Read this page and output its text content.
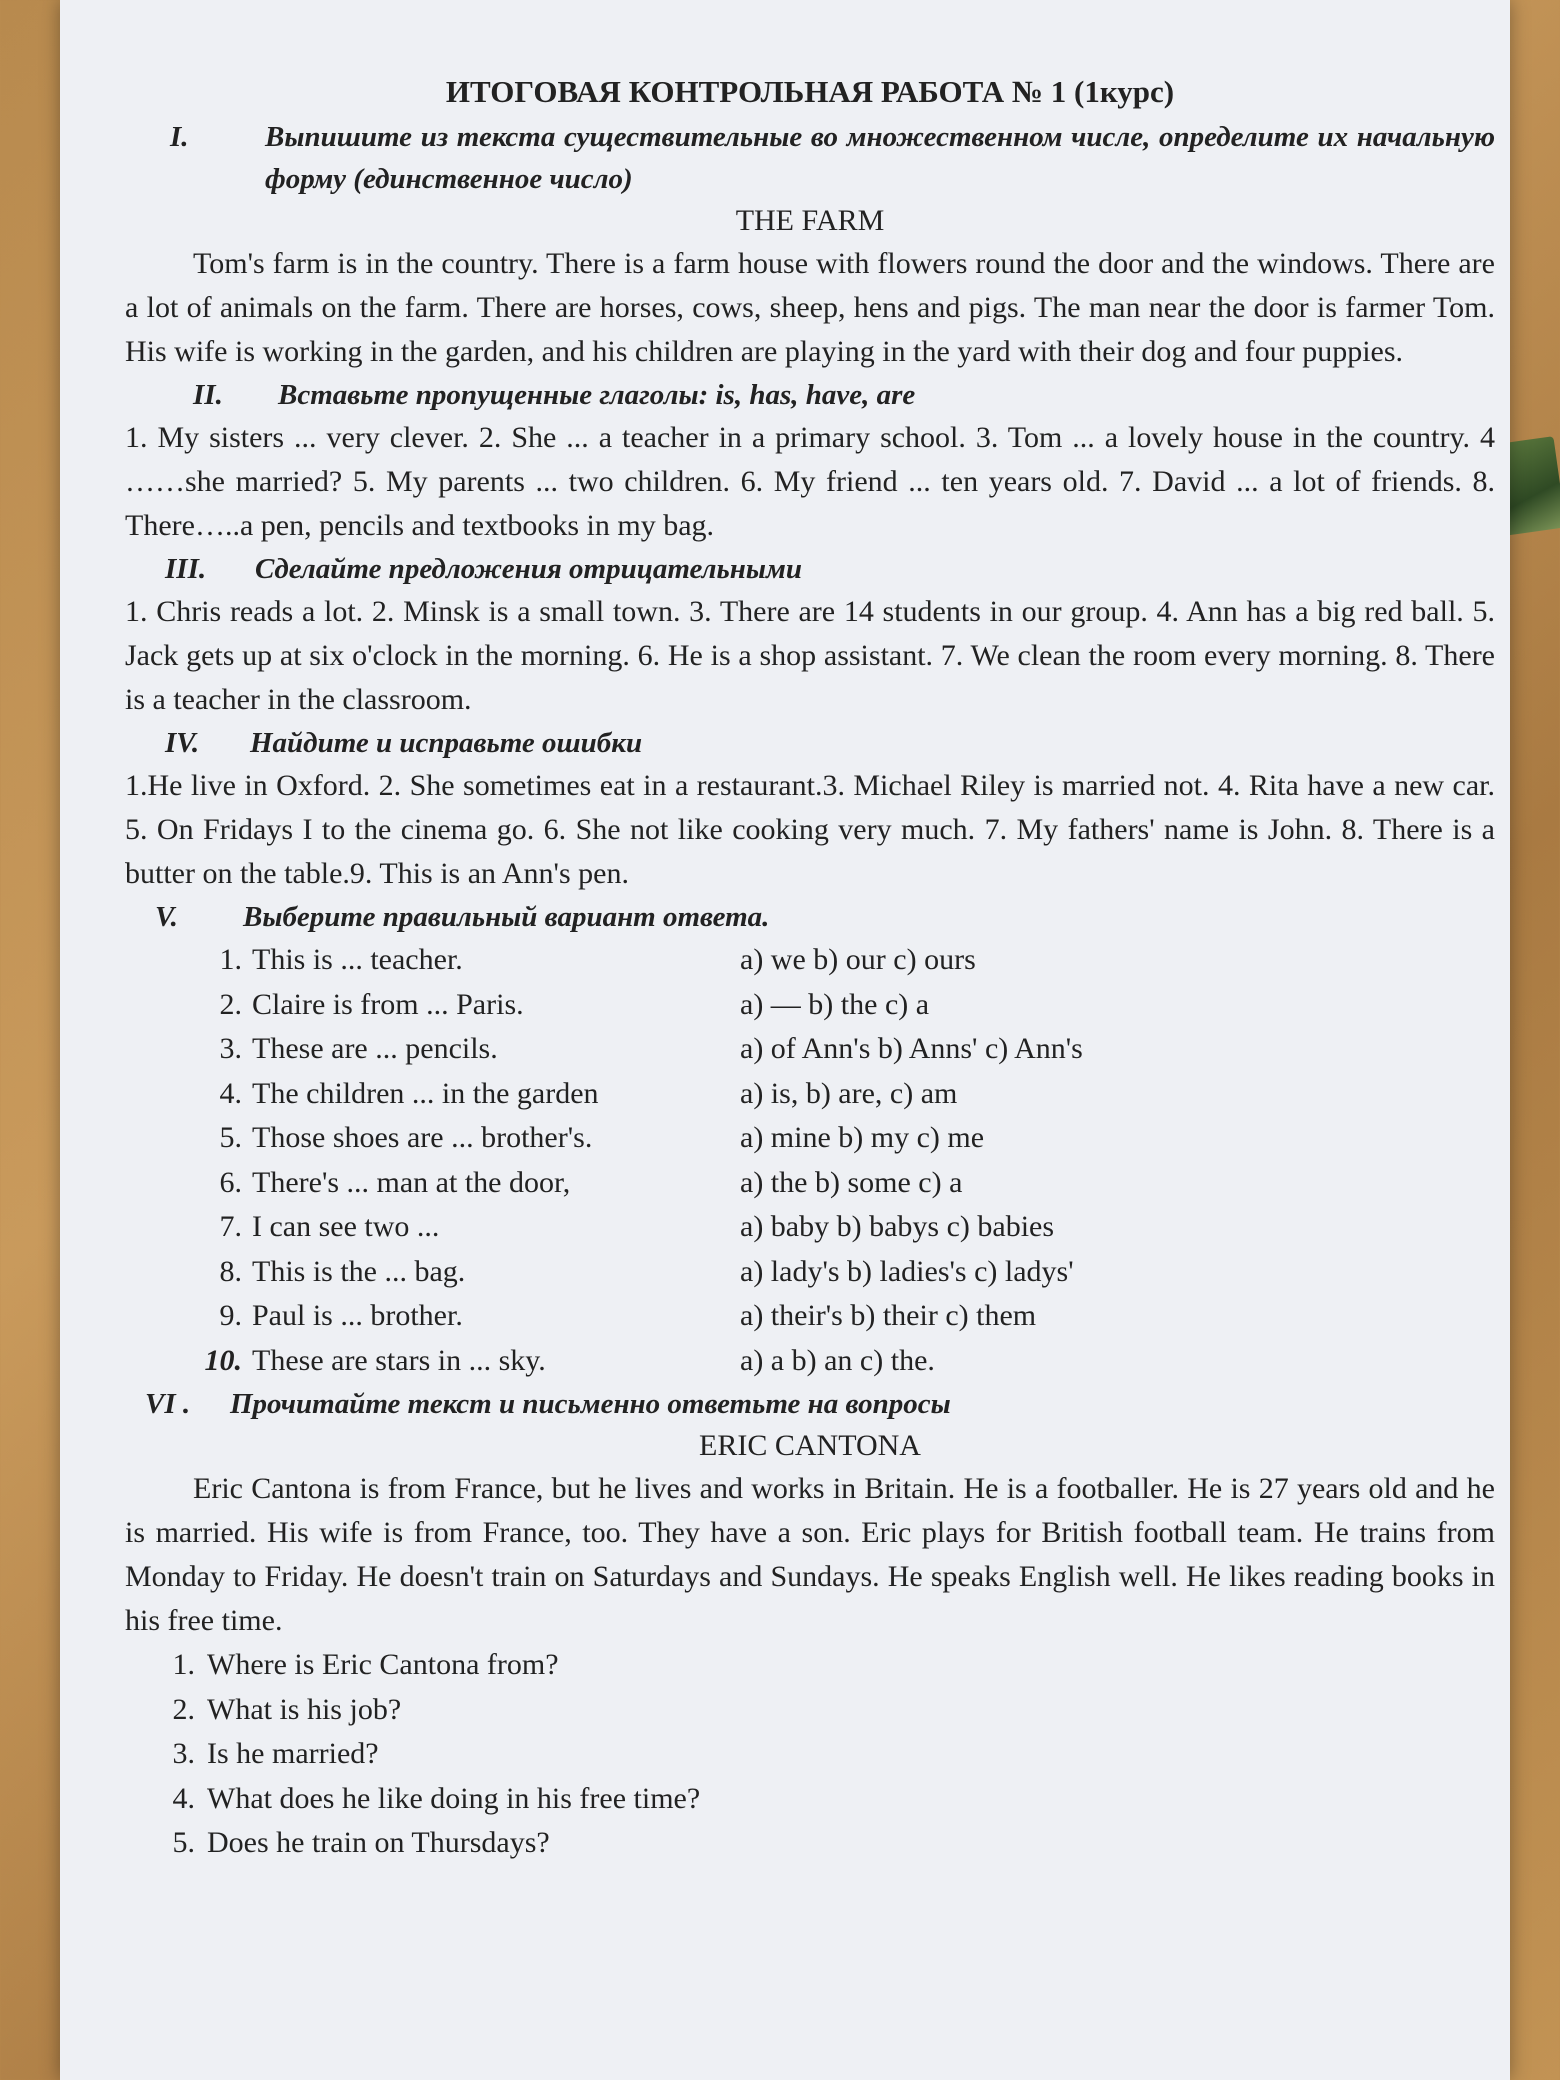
ИТОГОВАЯ КОНТРОЛЬНАЯ РАБОТА № 1 (1курс)
I.	Выпишите из текста существительные во множественном числе, определите их начальную форму (единственное число)
THE FARM
Tom's farm is in the country. There is a farm house with flowers round the door and the windows. There are a lot of animals on the farm. There are horses, cows, sheep, hens and pigs. The man near the door is farmer Tom. His wife is working in the garden, and his children are playing in the yard with their dog and four puppies.
II.	Вставьте пропущенные глаголы: is, has, have, are
1. My sisters ... very clever. 2. She ... a teacher in a primary school. 3. Tom ... a lovely house in the country. 4 ……she married? 5. My parents ... two children. 6. My friend ... ten years old. 7. David ... a lot of friends. 8. There…..a pen, pencils and textbooks in my bag.
III.	Сделайте предложения отрицательными
1. Chris reads a lot. 2. Minsk is a small town. 3. There are 14 students in our group. 4. Ann has a big red ball. 5. Jack gets up at six o'clock in the morning. 6. He is a shop assistant. 7. We clean the room every morning. 8. There is a teacher in the classroom.
IV.	Найдите и исправьте ошибки
1.He live in Oxford. 2. She sometimes eat in a restaurant.3. Michael Riley is married not. 4. Rita have a new car. 5. On Fridays I to the cinema go. 6. She not like cooking very much. 7. My fathers' name is John. 8. There is a butter on the table.9. This is an Ann's pen.
V.	Выберите правильный вариант ответа.
1. This is ... teacher.	a) we b) our c) ours
2. Claire is from ... Paris.	a) — b) the c) a
3. These are ... pencils.	a) of Ann's b) Anns' c) Ann's
4. The children ... in the garden	a) is, b) are, c) am
5. Those shoes are ... brother's.	a) mine b) my c) me
6. There's ... man at the door,	a) the b) some c) a
7. I can see two ...	a) baby b) babys c) babies
8. This is the ... bag.	a) lady's b) ladies's c) ladys'
9. Paul is ... brother.	a) their's b) their c) them
10. These are stars in ... sky.	a) a b) an c) the.
VI .	Прочитайте текст и письменно ответьте на вопросы
ERIC CANTONA
Eric Cantona is from France, but he lives and works in Britain. He is a footballer. He is 27 years old and he is married. His wife is from France, too. They have a son. Eric plays for British football team. He trains from Monday to Friday. He doesn't train on Saturdays and Sundays. He speaks English well. He likes reading books in his free time.
1. Where is Eric Cantona from?
2. What is his job?
3. Is he married?
4. What does he like doing in his free time?
5. Does he train on Thursdays?
